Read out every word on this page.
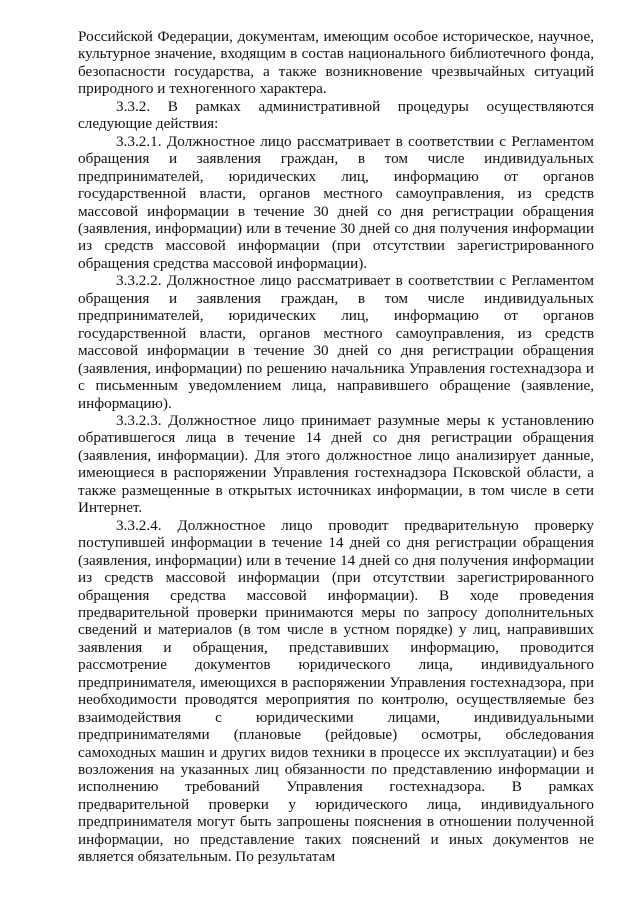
Российской Федерации, документам, имеющим особое историческое, научное, культурное значение, входящим в состав национального библиотечного фонда, безопасности государства, а также возникновение чрезвычайных ситуаций природного и техногенного характера.

3.3.2. В рамках административной процедуры осуществляются следующие действия:

3.3.2.1. Должностное лицо рассматривает в соответствии с Регламентом обращения и заявления граждан, в том числе индивидуальных предпринимателей, юридических лиц, информацию от органов государственной власти, органов местного самоуправления, из средств массовой информации в течение 30 дней со дня регистрации обращения (заявления, информации) или в течение 30 дней со дня получения информации из средств массовой информации (при отсутствии зарегистрированного обращения средства массовой информации).

3.3.2.2. Должностное лицо рассматривает в соответствии с Регламентом обращения и заявления граждан, в том числе индивидуальных предпринимателей, юридических лиц, информацию от органов государственной власти, органов местного самоуправления, из средств массовой информации в течение 30 дней со дня регистрации обращения (заявления, информации) по решению начальника Управления гостехнадзора и с письменным уведомлением лица, направившего обращение (заявление, информацию).

3.3.2.3. Должностное лицо принимает разумные меры к установлению обратившегося лица в течение 14 дней со дня регистрации обращения (заявления, информации). Для этого должностное лицо анализирует данные, имеющиеся в распоряжении Управления гостехнадзора Псковской области, а также размещенные в открытых источниках информации, в том числе в сети Интернет.

3.3.2.4. Должностное лицо проводит предварительную проверку поступившей информации в течение 14 дней со дня регистрации обращения (заявления, информации) или в течение 14 дней со дня получения информации из средств массовой информации (при отсутствии зарегистрированного обращения средства массовой информации). В ходе проведения предварительной проверки принимаются меры по запросу дополнительных сведений и материалов (в том числе в устном порядке) у лиц, направивших заявления и обращения, представивших информацию, проводится рассмотрение документов юридического лица, индивидуального предпринимателя, имеющихся в распоряжении Управления гостехнадзора, при необходимости проводятся мероприятия по контролю, осуществляемые без взаимодействия с юридическими лицами, индивидуальными предпринимателями (плановые (рейдовые) осмотры, обследования самоходных машин и других видов техники в процессе их эксплуатации) и без возложения на указанных лиц обязанности по представлению информации и исполнению требований Управления гостехнадзора. В рамках предварительной проверки у юридического лица, индивидуального предпринимателя могут быть запрошены пояснения в отношении полученной информации, но представление таких пояснений и иных документов не является обязательным. По результатам
